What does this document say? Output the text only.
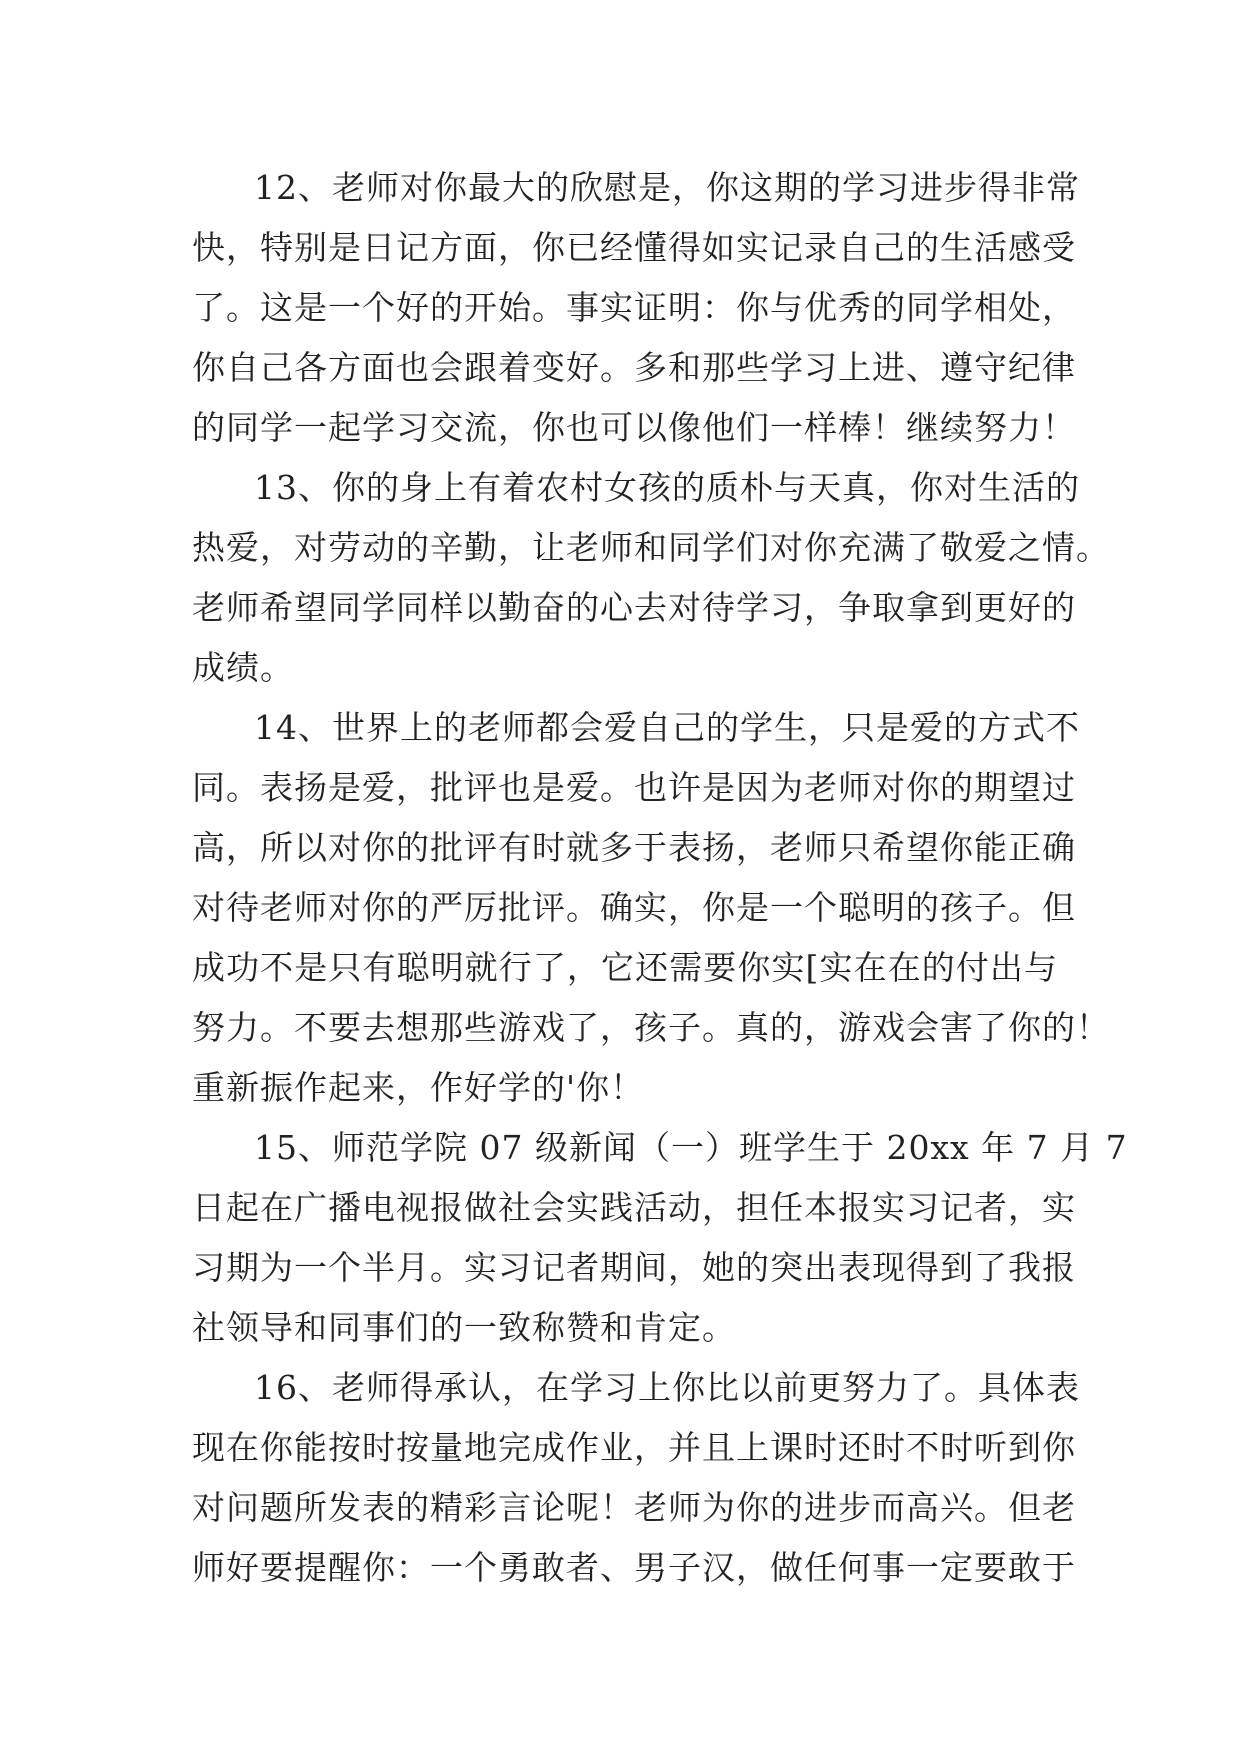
12、老师对你最大的欣慰是，你这期的学习进步得非常
快，特别是日记方面，你已经懂得如实记录自己的生活感受
了。这是一个好的开始。事实证明：你与优秀的同学相处，
你自己各方面也会跟着变好。多和那些学习上进、遵守纪律
的同学一起学习交流，你也可以像他们一样棒！继续努力！
13、你的身上有着农村女孩的质朴与天真，你对生活的
热爱，对劳动的辛勤，让老师和同学们对你充满了敬爱之情。
老师希望同学同样以勤奋的心去对待学习，争取拿到更好的
成绩。
14、世界上的老师都会爱自己的学生，只是爱的方式不
同。表扬是爱，批评也是爱。也许是因为老师对你的期望过
高，所以对你的批评有时就多于表扬，老师只希望你能正确
对待老师对你的严厉批评。确实，你是一个聪明的孩子。但
成功不是只有聪明就行了，它还需要你实[实在在的付出与
努力。不要去想那些游戏了，孩子。真的，游戏会害了你的！
重新振作起来，作好学的'你！
15、师范学院 07 级新闻（一）班学生于 20xx 年 7 月 7
日起在广播电视报做社会实践活动，担任本报实习记者，实
习期为一个半月。实习记者期间，她的突出表现得到了我报
社领导和同事们的一致称赞和肯定。
16、老师得承认，在学习上你比以前更努力了。具体表
现在你能按时按量地完成作业，并且上课时还时不时听到你
对问题所发表的精彩言论呢！老师为你的进步而高兴。但老
师好要提醒你：一个勇敢者、男子汉，做任何事一定要敢于
